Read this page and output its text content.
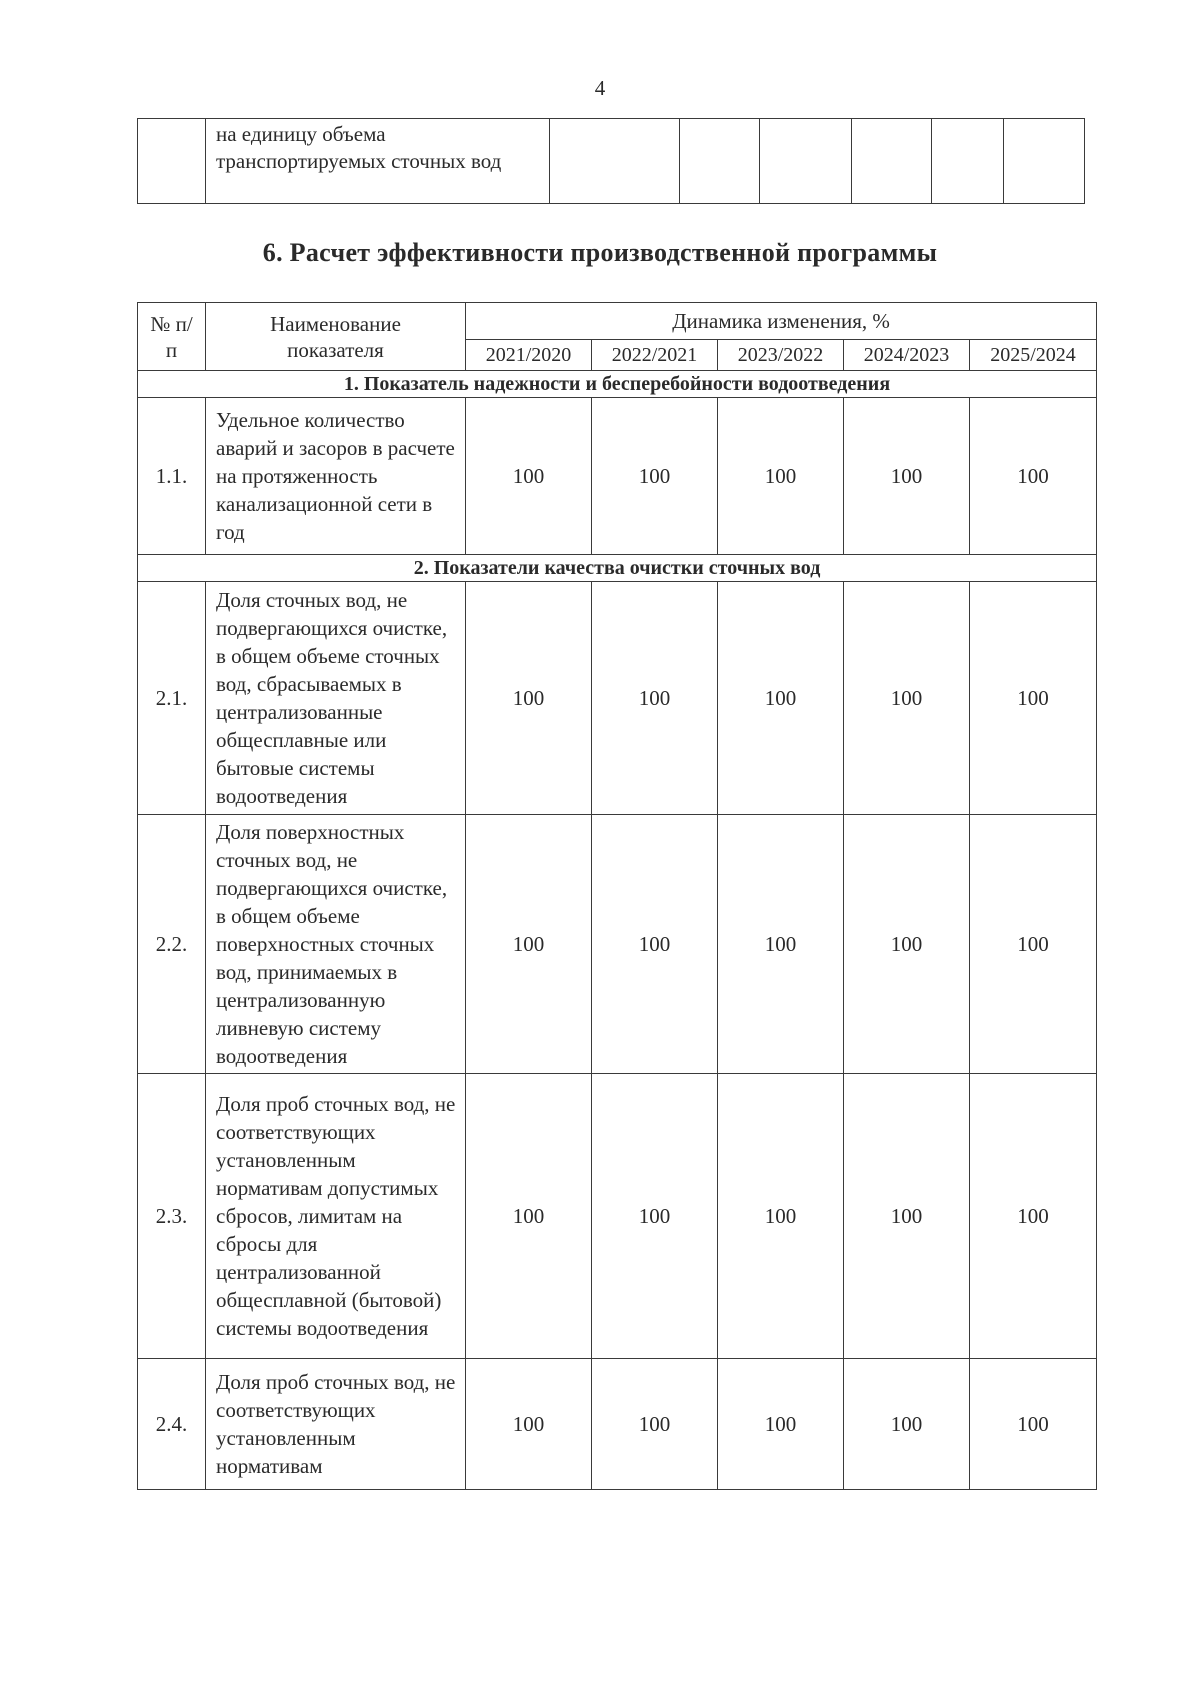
4

на единицу объема транспортируемых сточных вод

6. Расчет эффективности производственной программы
№ п/п	Наименование показателя	Динамика изменения, %				
		2021/2020	2022/2021	2023/2022	2024/2023	2025/2024
1. Показатель надежности и бесперебойности водоотведения						
1.1.	Удельное количество аварий и засоров в расчете на протяженность канализационной сети в год	100	100	100	100	100
2. Показатели качества очистки сточных вод						
2.1.	Доля сточных вод, не подвергающихся очистке, в общем объеме сточных вод, сбрасываемых в централизованные общесплавные или бытовые системы водоотведения	100	100	100	100	100
2.2.	Доля поверхностных сточных вод, не подвергающихся очистке, в общем объеме поверхностных сточных вод, принимаемых в централизованную ливневую систему водоотведения	100	100	100	100	100
2.3.	Доля проб сточных вод, не соответствующих установленным нормативам допустимых сбросов, лимитам на сбросы для централизованной общесплавной (бытовой) системы водоотведения	100	100	100	100	100
2.4.	Доля проб сточных вод, не соответствующих установленным нормативам	100	100	100	100	100
